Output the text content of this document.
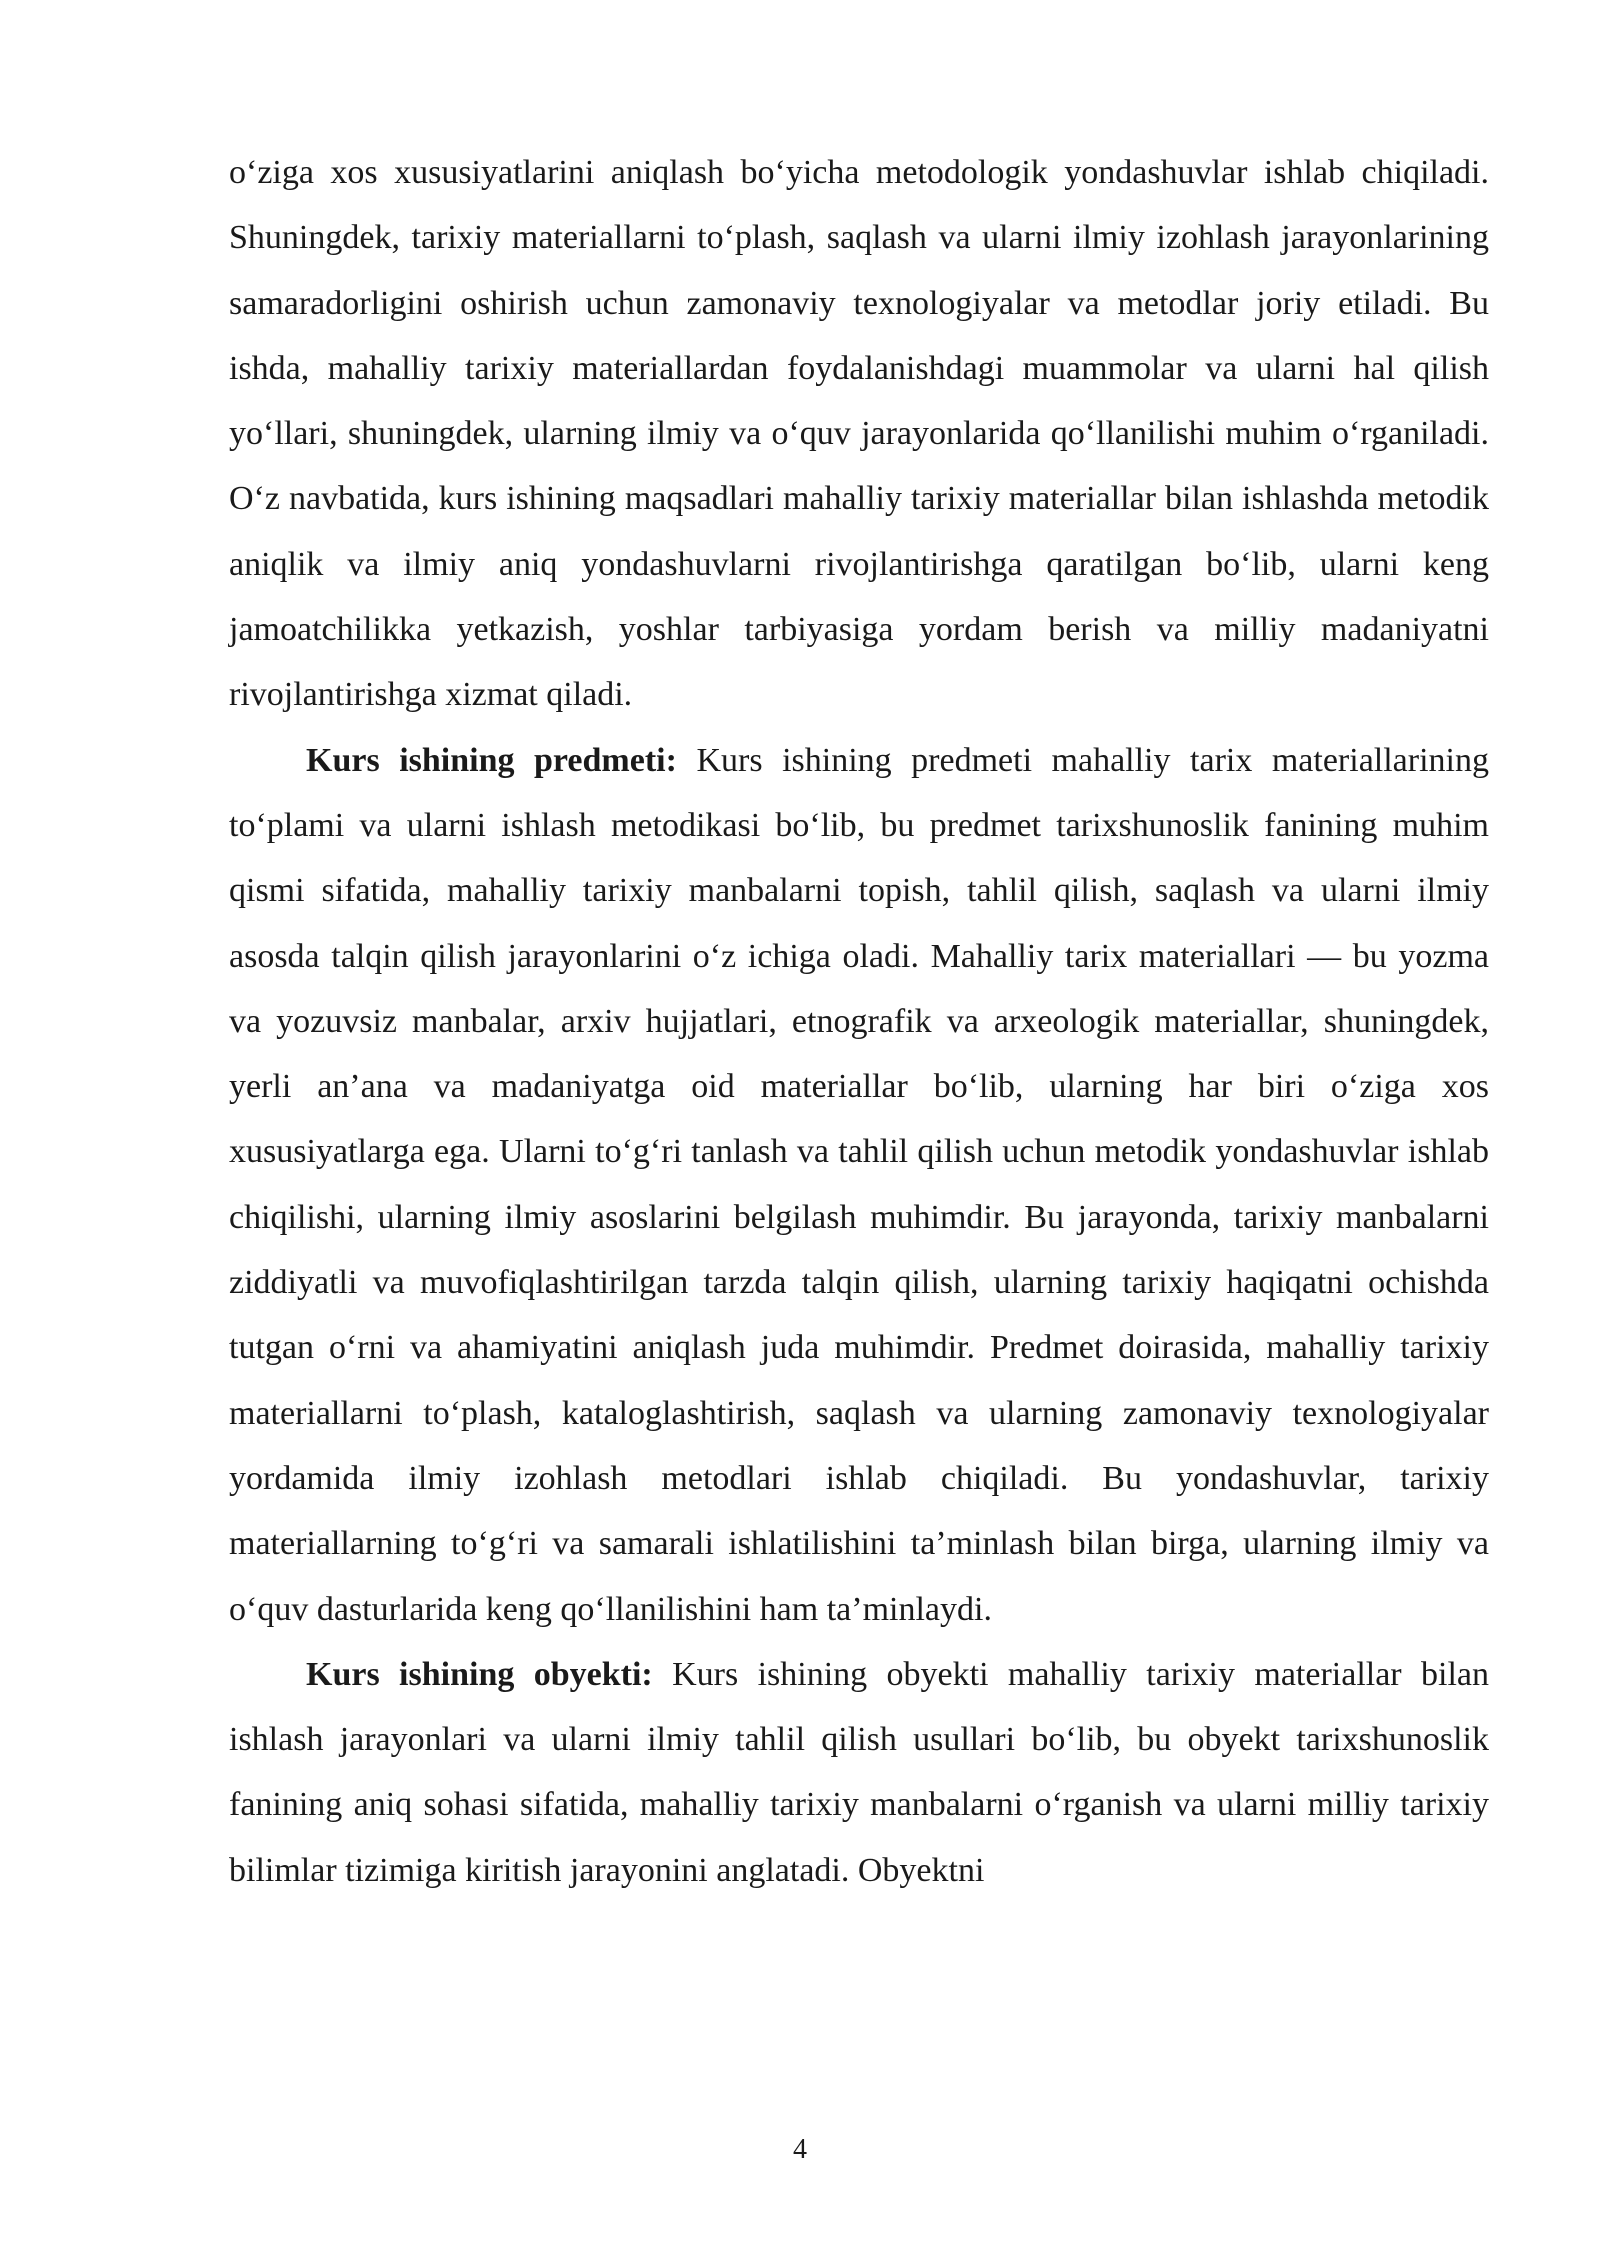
o‘ziga xos xususiyatlarini aniqlash bo‘yicha metodologik yondashuvlar ishlab chiqiladi. Shuningdek, tarixiy materiallarni to‘plash, saqlash va ularni ilmiy izohlash jarayonlarining samaradorligini oshirish uchun zamonaviy texnologiyalar va metodlar joriy etiladi. Bu ishda, mahalliy tarixiy materiallardan foydalanishdagi muammolar va ularni hal qilish yo‘llari, shuningdek, ularning ilmiy va o‘quv jarayonlarida qo‘llanilishi muhim o‘rganiladi. O‘z navbatida, kurs ishining maqsadlari mahalliy tarixiy materiallar bilan ishlashda metodik aniqlik va ilmiy aniq yondashuvlarni rivojlantirishga qaratilgan bo‘lib, ularni keng jamoatchilikka yetkazish, yoshlar tarbiyasiga yordam berish va milliy madaniyatni rivojlantirishga xizmat qiladi.

Kurs ishining predmeti: Kurs ishining predmeti mahalliy tarix materiallarining to‘plami va ularni ishlash metodikasi bo‘lib, bu predmet tarixshunoslik fanining muhim qismi sifatida, mahalliy tarixiy manbalarni topish, tahlil qilish, saqlash va ularni ilmiy asosda talqin qilish jarayonlarini o‘z ichiga oladi. Mahalliy tarix materiallari — bu yozma va yozuvsiz manbalar, arxiv hujjatlari, etnografik va arxeologik materiallar, shuningdek, yerli an’ana va madaniyatga oid materiallar bo‘lib, ularning har biri o‘ziga xos xususiyatlarga ega. Ularni to‘g‘ri tanlash va tahlil qilish uchun metodik yondashuvlar ishlab chiqilishi, ularning ilmiy asoslarini belgilash muhimdir. Bu jarayonda, tarixiy manbalarni ziddiyatli va muvofiqlashtirilgan tarzda talqin qilish, ularning tarixiy haqiqatni ochishda tutgan o‘rni va ahamiyatini aniqlash juda muhimdir. Predmet doirasida, mahalliy tarixiy materiallarni to‘plash, kataloglashtirish, saqlash va ularning zamonaviy texnologiyalar yordamida ilmiy izohlash metodlari ishlab chiqiladi. Bu yondashuvlar, tarixiy materiallarning to‘g‘ri va samarali ishlatilishini ta’minlash bilan birga, ularning ilmiy va o‘quv dasturlarida keng qo‘llanilishini ham ta’minlaydi.

Kurs ishining obyekti: Kurs ishining obyekti mahalliy tarixiy materiallar bilan ishlash jarayonlari va ularni ilmiy tahlil qilish usullari bo‘lib, bu obyekt tarixshunoslik fanining aniq sohasi sifatida, mahalliy tarixiy manbalarni o‘rganish va ularni milliy tarixiy bilimlar tizimiga kiritish jarayonini anglatadi. Obyektni

4
